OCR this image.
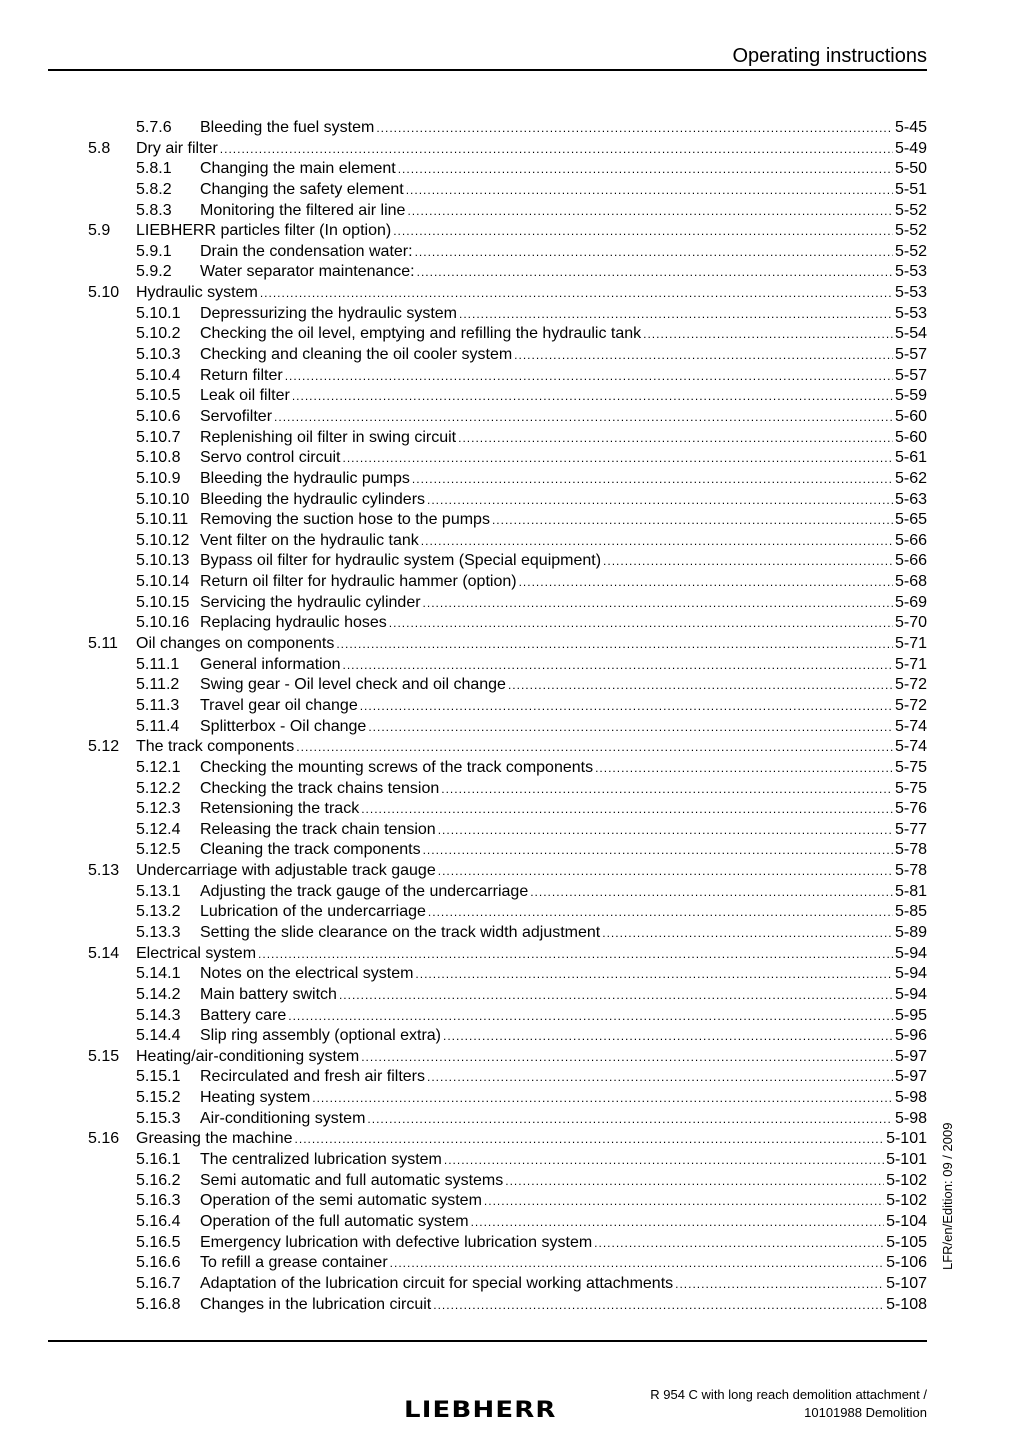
Operating instructions
5.7.6 Bleeding the fuel system .....	5-45
5.8 Dry air filter .....	5-49
5.8.1 Changing the main element .....	5-50
5.8.2 Changing the safety element .....	5-51
5.8.3 Monitoring the filtered air line .....	5-52
5.9 LIEBHERR particles filter (In option) .....	5-52
5.9.1 Drain the condensation water: .....	5-52
5.9.2 Water separator maintenance: .....	5-53
5.10 Hydraulic system .....	5-53
5.10.1 Depressurizing the hydraulic system .....	5-53
5.10.2 Checking the oil level, emptying and refilling the hydraulic tank .....	5-54
5.10.3 Checking and cleaning the oil cooler system .....	5-57
5.10.4 Return filter .....	5-57
5.10.5 Leak oil filter .....	5-59
5.10.6 Servofilter .....	5-60
5.10.7 Replenishing oil filter in swing circuit .....	5-60
5.10.8 Servo control circuit .....	5-61
5.10.9 Bleeding the hydraulic pumps .....	5-62
5.10.10 Bleeding the hydraulic cylinders .....	5-63
5.10.11 Removing the suction hose to the pumps .....	5-65
5.10.12 Vent filter on the hydraulic tank .....	5-66
5.10.13 Bypass oil filter for hydraulic system (Special equipment) .....	5-66
5.10.14 Return oil filter for hydraulic hammer (option) .....	5-68
5.10.15 Servicing the hydraulic cylinder .....	5-69
5.10.16 Replacing hydraulic hoses .....	5-70
5.11 Oil changes on components .....	5-71
5.11.1 General information .....	5-71
5.11.2 Swing gear - Oil level check and oil change .....	5-72
5.11.3 Travel gear oil change .....	5-72
5.11.4 Splitterbox - Oil change .....	5-74
5.12 The track components .....	5-74
5.12.1 Checking the mounting screws of the track components .....	5-75
5.12.2 Checking the track chains tension .....	5-75
5.12.3 Retensioning the track .....	5-76
5.12.4 Releasing the track chain tension .....	5-77
5.12.5 Cleaning the track components .....	5-78
5.13 Undercarriage with adjustable track gauge .....	5-78
5.13.1 Adjusting the track gauge of the undercarriage .....	5-81
5.13.2 Lubrication of the undercarriage .....	5-85
5.13.3 Setting the slide clearance on the track width adjustment .....	5-89
5.14 Electrical system .....	5-94
5.14.1 Notes on the electrical system .....	5-94
5.14.2 Main battery switch .....	5-94
5.14.3 Battery care .....	5-95
5.14.4 Slip ring assembly (optional extra) .....	5-96
5.15 Heating/air-conditioning system .....	5-97
5.15.1 Recirculated and fresh air filters .....	5-97
5.15.2 Heating system .....	5-98
5.15.3 Air-conditioning system .....	5-98
5.16 Greasing the machine .....	5-101
5.16.1 The centralized lubrication system .....	5-101
5.16.2 Semi automatic and full automatic systems .....	5-102
5.16.3 Operation of the semi automatic system .....	5-102
5.16.4 Operation of the full automatic system .....	5-104
5.16.5 Emergency lubrication with defective lubrication system .....	5-105
5.16.6 To refill a grease container .....	5-106
5.16.7 Adaptation of the lubrication circuit for special working attachments .....	5-107
5.16.8 Changes in the lubrication circuit .....	5-108
LFR/en/Edition: 09 / 2009
LIEBHERR
R 954 C with long reach demolition attachment /
10101988 Demolition
